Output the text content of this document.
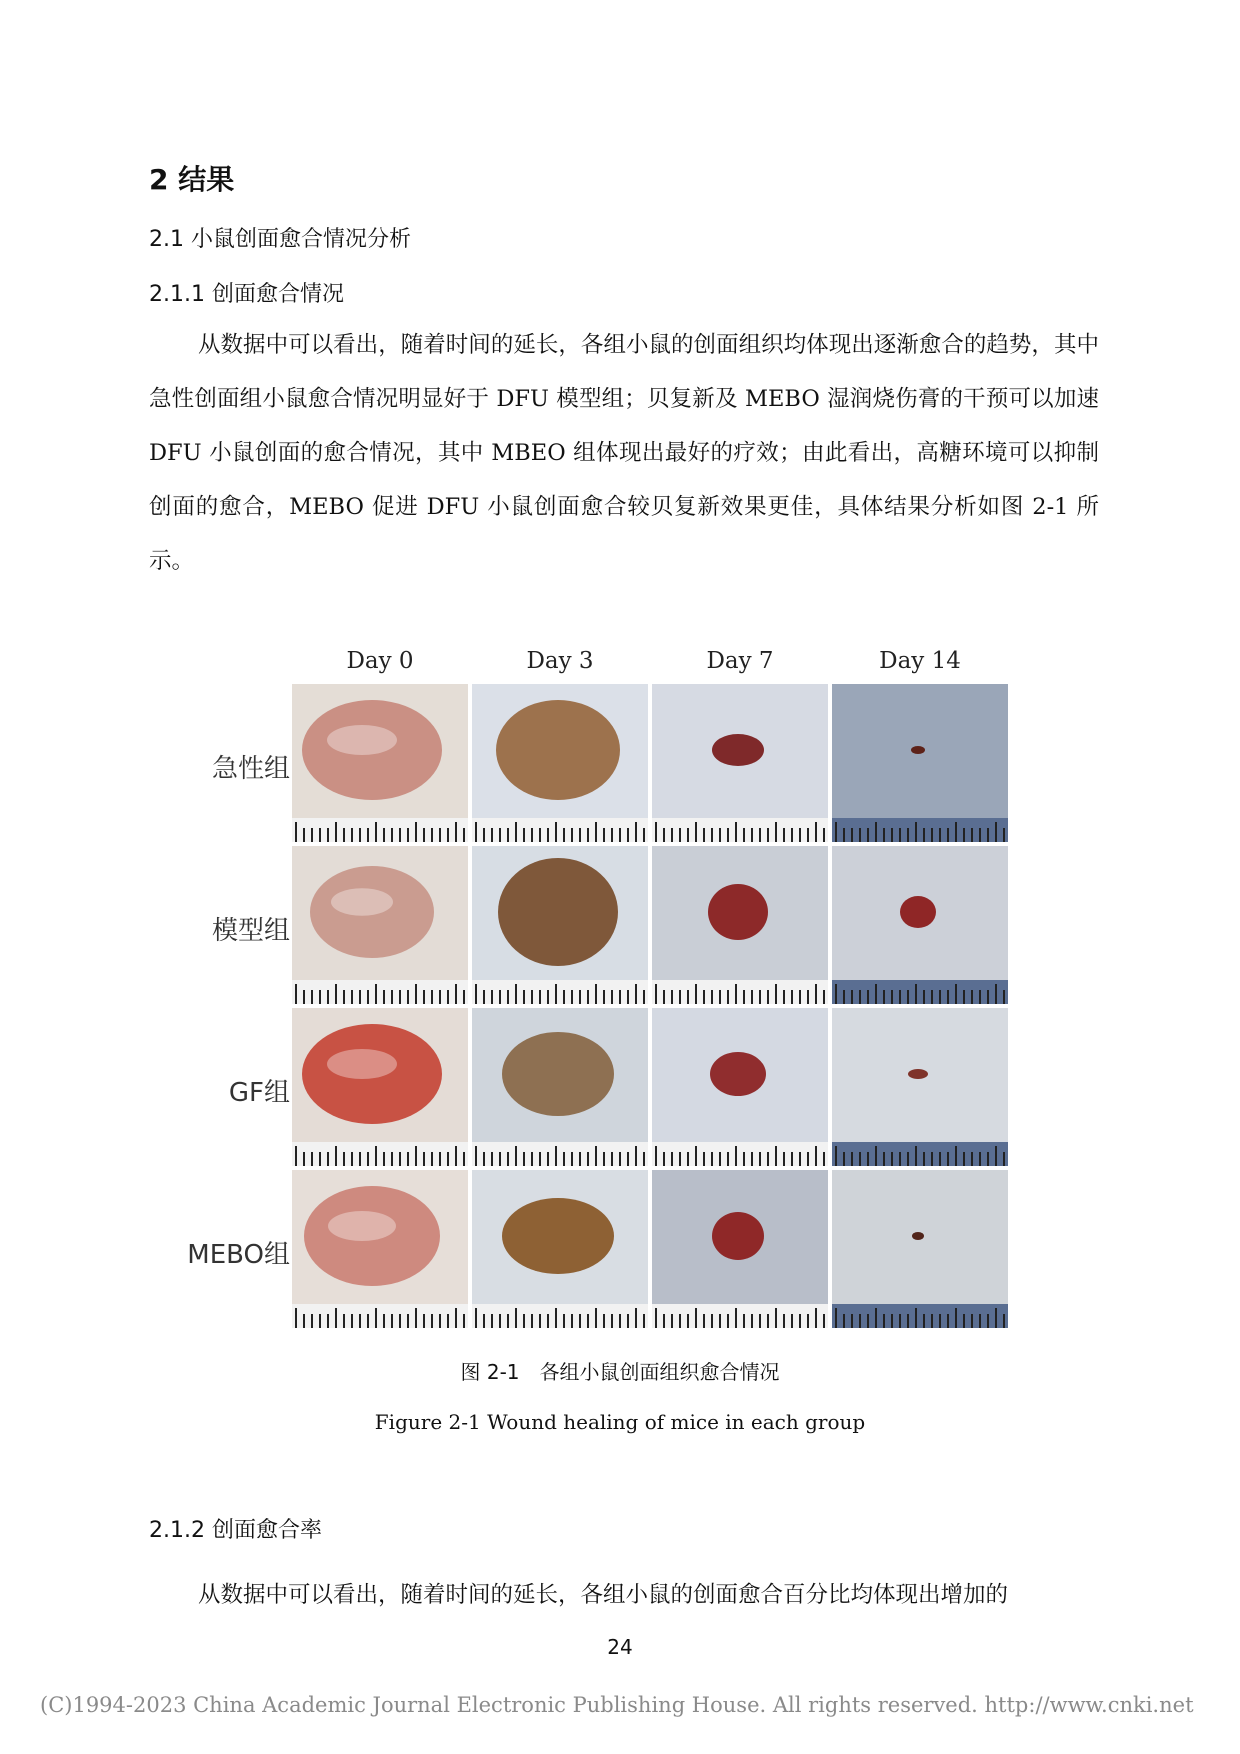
2 结果
2.1 小鼠创面愈合情况分析
2.1.1 创面愈合情况

从数据中可以看出，随着时间的延长，各组小鼠的创面组织均体现出逐渐愈合的趋势，其中急性创面组小鼠愈合情况明显好于 DFU 模型组；贝复新及 MEBO 湿润烧伤膏的干预可以加速 DFU 小鼠创面的愈合情况，其中 MBEO 组体现出最好的疗效；由此看出，高糖环境可以抑制创面的愈合，MEBO 促进 DFU 小鼠创面愈合较贝复新效果更佳，具体结果分析如图 2-1 所示。

Day 0	Day 3	Day 7	Day 14
急性组
模型组
GF组
MEBO组
图 2-1　各组小鼠创面组织愈合情况
Figure 2-1 Wound healing of mice in each group
2.1.2 创面愈合率

从数据中可以看出，随着时间的延长，各组小鼠的创面愈合百分比均体现出增加的

24
(C)1994-2023 China Academic Journal Electronic Publishing House. All rights reserved. http://www.cnki.net
